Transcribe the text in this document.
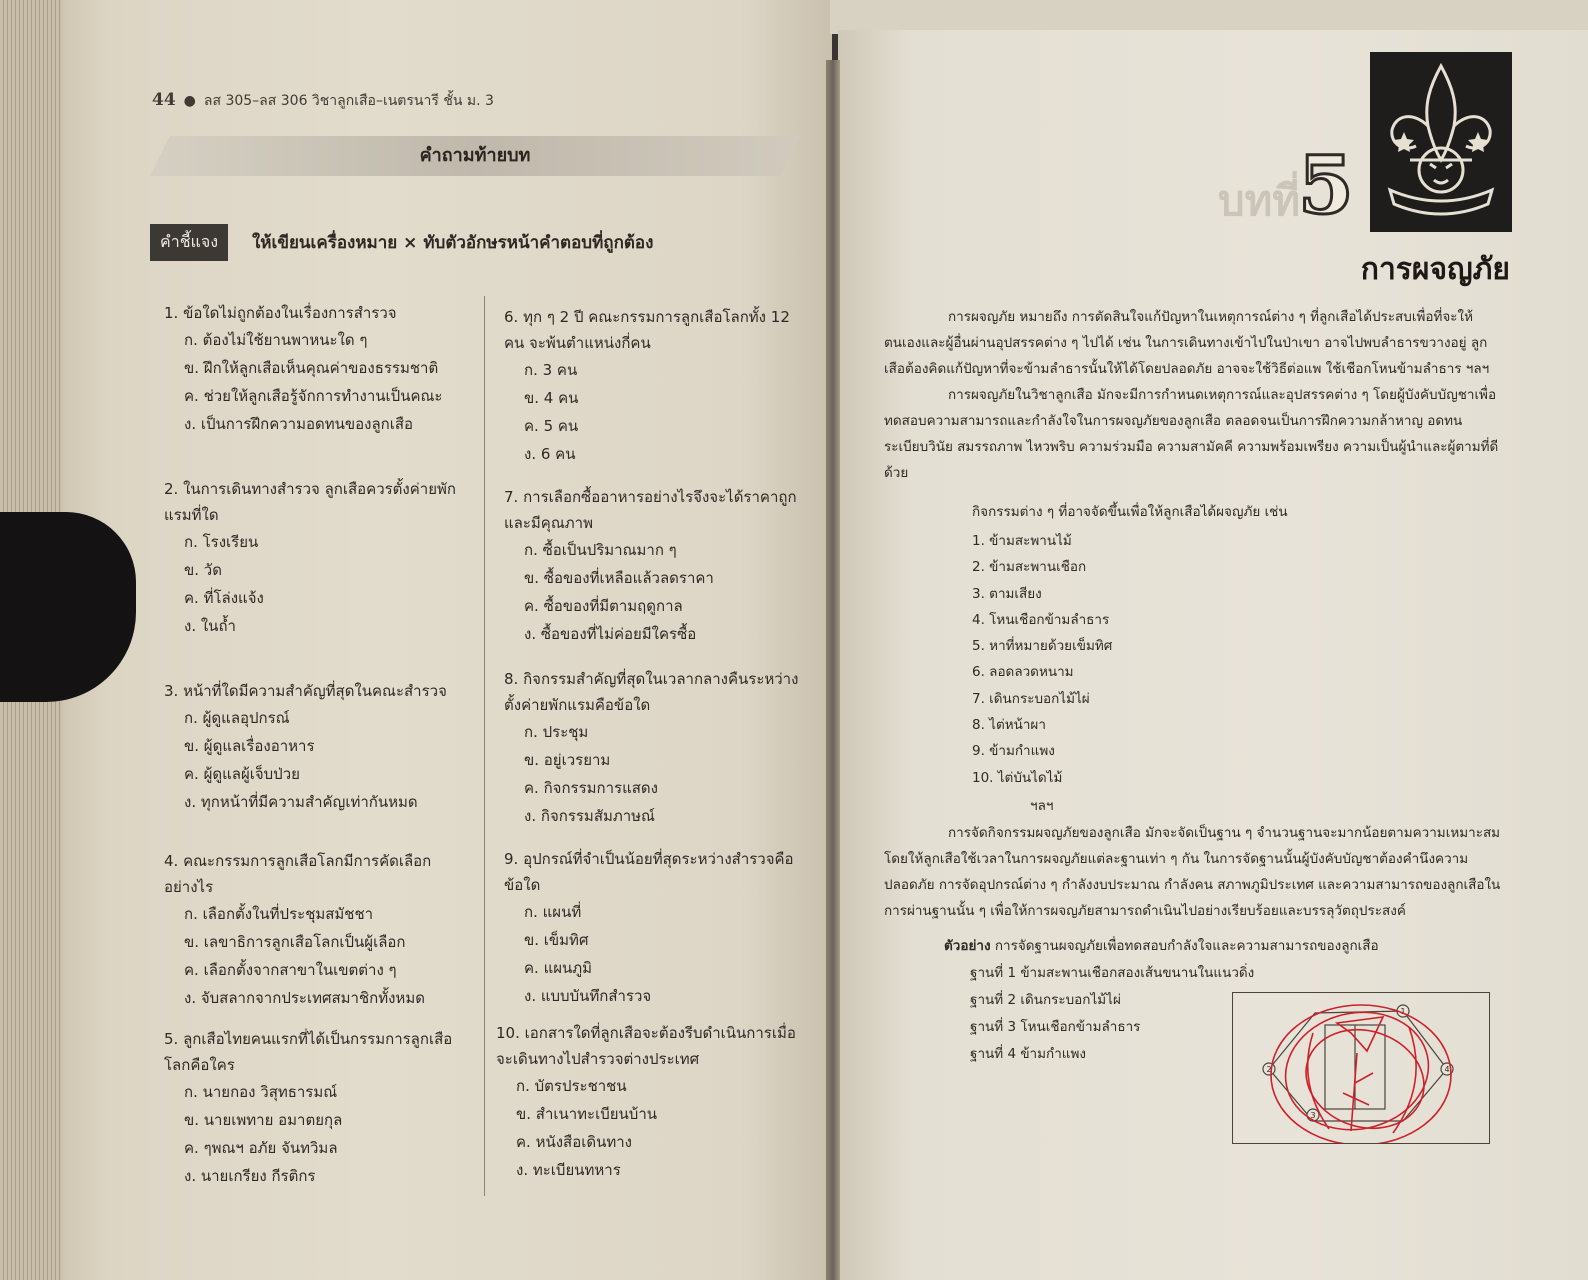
44 ● ลส 305–ลส 306 วิชาลูกเสือ–เนตรนารี ชั้น ม. 3
คำถามท้ายบท
คำชี้แจง	ให้เขียนเครื่องหมาย × ทับตัวอักษรหน้าคำตอบที่ถูกต้อง
1. ข้อใดไม่ถูกต้องในเรื่องการสำรวจ
ก. ต้องไม่ใช้ยานพาหนะใด ๆ
ข. ฝึกให้ลูกเสือเห็นคุณค่าของธรรมชาติ
ค. ช่วยให้ลูกเสือรู้จักการทำงานเป็นคณะ
ง. เป็นการฝึกความอดทนของลูกเสือ
2. ในการเดินทางสำรวจ ลูกเสือควรตั้งค่ายพักแรมที่ใด
ก. โรงเรียน
ข. วัด
ค. ที่โล่งแจ้ง
ง. ในถ้ำ
3. หน้าที่ใดมีความสำคัญที่สุดในคณะสำรวจ
ก. ผู้ดูแลอุปกรณ์
ข. ผู้ดูแลเรื่องอาหาร
ค. ผู้ดูแลผู้เจ็บป่วย
ง. ทุกหน้าที่มีความสำคัญเท่ากันหมด
4. คณะกรรมการลูกเสือโลกมีการคัดเลือกอย่างไร
ก. เลือกตั้งในที่ประชุมสมัชชา
ข. เลขาธิการลูกเสือโลกเป็นผู้เลือก
ค. เลือกตั้งจากสาขาในเขตต่าง ๆ
ง. จับสลากจากประเทศสมาชิกทั้งหมด
5. ลูกเสือไทยคนแรกที่ได้เป็นกรรมการลูกเสือโลกคือใคร
ก. นายกอง วิสุทธารมณ์
ข. นายเพทาย อมาตยกุล
ค. ๆพณฯ อภัย จันทวิมล
ง. นายเกรียง กีรติกร
6. ทุก ๆ 2 ปี คณะกรรมการลูกเสือโลกทั้ง 12 คน จะพ้นตำแหน่งกี่คน
ก. 3 คน
ข. 4 คน
ค. 5 คน
ง. 6 คน
7. การเลือกซื้ออาหารอย่างไรจึงจะได้ราคาถูกและมีคุณภาพ
ก. ซื้อเป็นปริมาณมาก ๆ
ข. ซื้อของที่เหลือแล้วลดราคา
ค. ซื้อของที่มีตามฤดูกาล
ง. ซื้อของที่ไม่ค่อยมีใครซื้อ
8. กิจกรรมสำคัญที่สุดในเวลากลางคืนระหว่างตั้งค่ายพักแรมคือข้อใด
ก. ประชุม
ข. อยู่เวรยาม
ค. กิจกรรมการแสดง
ง. กิจกรรมสัมภาษณ์
9. อุปกรณ์ที่จำเป็นน้อยที่สุดระหว่างสำรวจคือข้อใด
ก. แผนที่
ข. เข็มทิศ
ค. แผนภูมิ
ง. แบบบันทึกสำรวจ
10. เอกสารใดที่ลูกเสือจะต้องรีบดำเนินการเมื่อจะเดินทางไปสำรวจต่างประเทศ
ก. บัตรประชาชน
ข. สำเนาทะเบียนบ้าน
ค. หนังสือเดินทาง
ง. ทะเบียนทหาร
บทที่
5
การผจญภัย
การผจญภัย หมายถึง การตัดสินใจแก้ปัญหาในเหตุการณ์ต่าง ๆ ที่ลูกเสือได้ประสบเพื่อที่จะให้ตนเองและผู้อื่นผ่านอุปสรรคต่าง ๆ ไปได้ เช่น ในการเดินทางเข้าไปในป่าเขา อาจไปพบลำธารขวางอยู่ ลูกเสือต้องคิดแก้ปัญหาที่จะข้ามลำธารนั้นให้ได้โดยปลอดภัย อาจจะใช้วิธีต่อแพ ใช้เชือกโหนข้ามลำธาร ฯลฯ
การผจญภัยในวิชาลูกเสือ มักจะมีการกำหนดเหตุการณ์และอุปสรรคต่าง ๆ โดยผู้บังคับบัญชาเพื่อทดสอบความสามารถและกำลังใจในการผจญภัยของลูกเสือ ตลอดจนเป็นการฝึกความกล้าหาญ อดทน ระเบียบวินัย สมรรถภาพ ไหวพริบ ความร่วมมือ ความสามัคคี ความพร้อมเพรียง ความเป็นผู้นำและผู้ตามที่ดีด้วย
กิจกรรมต่าง ๆ ที่อาจจัดขึ้นเพื่อให้ลูกเสือได้ผจญภัย เช่น
1. ข้ามสะพานไม้
2. ข้ามสะพานเชือก
3. ตามเสียง
4. โหนเชือกข้ามลำธาร
5. หาที่หมายด้วยเข็มทิศ
6. ลอดลวดหนาม
7. เดินกระบอกไม้ไผ่
8. ไต่หน้าผา
9. ข้ามกำแพง
10. ไต่บันไดไม้
ฯลฯ
การจัดกิจกรรมผจญภัยของลูกเสือ มักจะจัดเป็นฐาน ๆ จำนวนฐานจะมากน้อยตามความเหมาะสม โดยให้ลูกเสือใช้เวลาในการผจญภัยแต่ละฐานเท่า ๆ กัน ในการจัดฐานนั้นผู้บังคับบัญชาต้องคำนึงความปลอดภัย การจัดอุปกรณ์ต่าง ๆ กำลังงบประมาณ กำลังคน สภาพภูมิประเทศ และความสามารถของลูกเสือในการผ่านฐานนั้น ๆ เพื่อให้การผจญภัยสามารถดำเนินไปอย่างเรียบร้อยและบรรลุวัตถุประสงค์
ตัวอย่าง การจัดฐานผจญภัยเพื่อทดสอบกำลังใจและความสามารถของลูกเสือ
ฐานที่ 1 ข้ามสะพานเชือกสองเส้นขนานในแนวดิ่ง
ฐานที่ 2 เดินกระบอกไม้ไผ่
ฐานที่ 3 โหนเชือกข้ามลำธาร
ฐานที่ 4 ข้ามกำแพง
1
2
3
4
